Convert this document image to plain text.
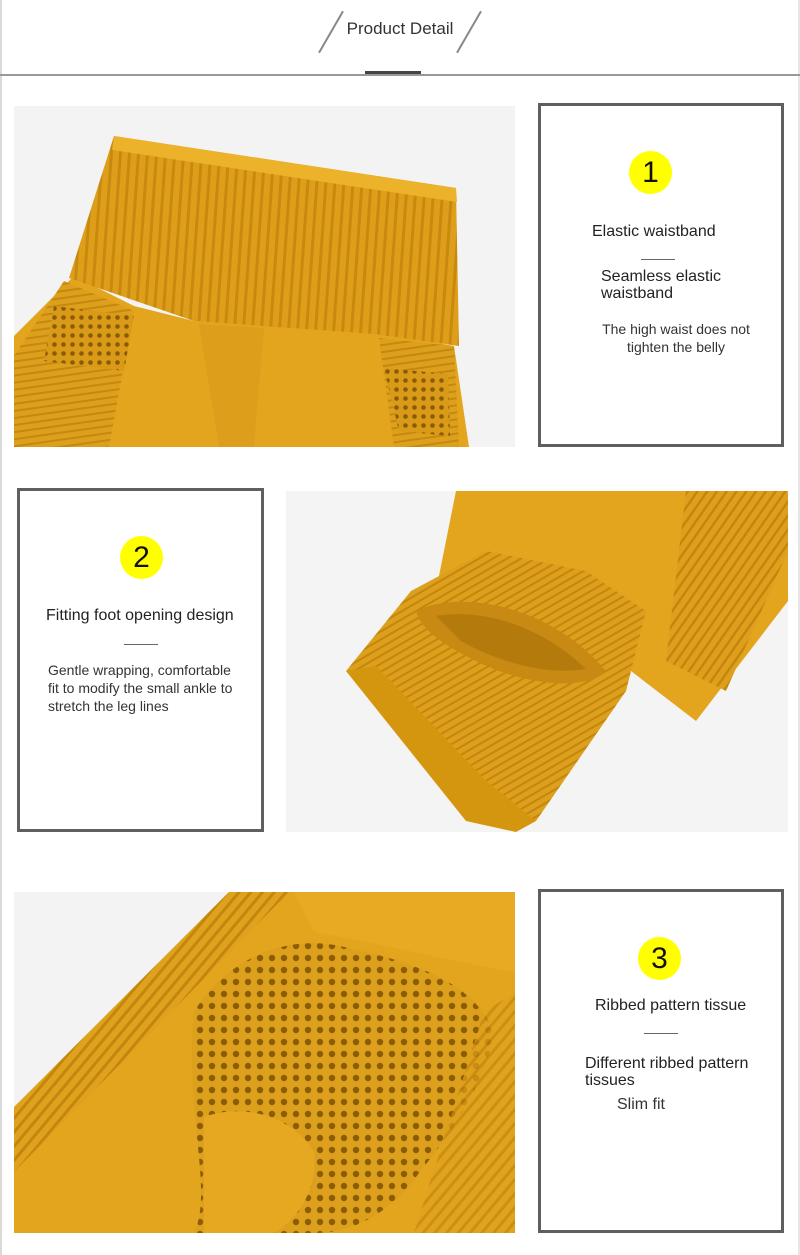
Product Detail
1
Elastic waistband
Seamless elastic waistband
The high waist does not tighten the belly
2
Fitting foot opening design
Gentle wrapping, comfortable fit to modify the small ankle to stretch the leg lines
3
Ribbed pattern tissue
Different ribbed pattern tissues
Slim fit
